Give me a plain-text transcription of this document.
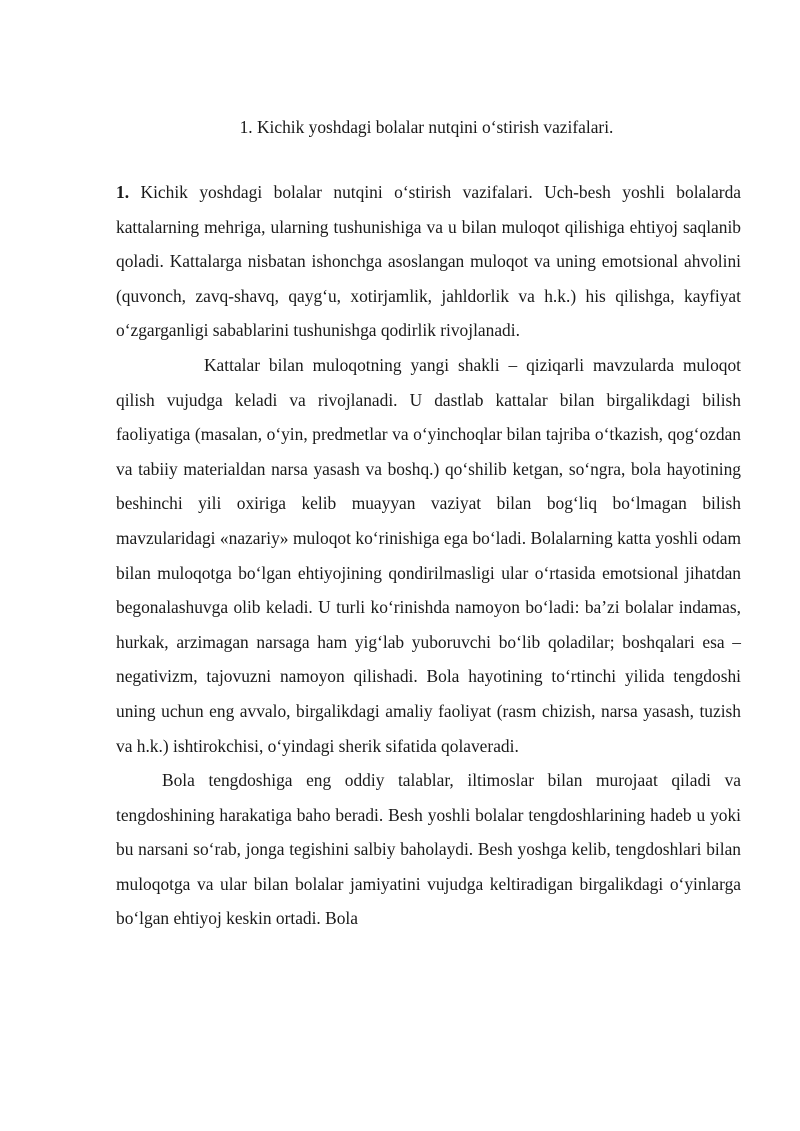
1. Kichik yoshdagi bolalar nutqini o‘stirish vazifalari.

1. Kichik yoshdagi bolalar nutqini o‘stirish vazifalari. Uch-besh yoshli bolalarda kattalarning mehriga, ularning tushunishiga va u bilan muloqot qilishiga ehtiyoj saqlanib qoladi. Kattalarga nisbatan ishonchga asoslangan muloqot va uning emotsional ahvolini (quvonch, zavq-shavq, qayg‘u, xotirjamlik, jahldorlik va h.k.) his qilishga, kayfiyat o‘zgarganligi sabablarini tushunishga qodirlik rivojlanadi.

Kattalar bilan muloqotning yangi shakli – qiziqarli mavzularda muloqot qilish vujudga keladi va rivojlanadi. U dastlab kattalar bilan birgalikdagi bilish faoliyatiga (masalan, o‘yin, predmetlar va o‘yinchoqlar bilan tajriba o‘tkazish, qog‘ozdan va tabiiy materialdan narsa yasash va boshq.) qo‘shilib ketgan, so‘ngra, bola hayotining beshinchi yili oxiriga kelib muayyan vaziyat bilan bog‘liq bo‘lmagan bilish mavzularidagi «nazariy» muloqot ko‘rinishiga ega bo‘ladi. Bolalarning katta yoshli odam bilan muloqotga bo‘lgan ehtiyojining qondirilmasligi ular o‘rtasida emotsional jihatdan begonalashuvga olib keladi. U turli ko‘rinishda namoyon bo‘ladi: ba’zi bolalar indamas, hurkak, arzimagan narsaga ham yig‘lab yuboruvchi bo‘lib qoladilar; boshqalari esa – negativizm, tajovuzni namoyon qilishadi. Bola hayotining to‘rtinchi yilida tengdoshi uning uchun eng avvalo, birgalikdagi amaliy faoliyat (rasm chizish, narsa yasash, tuzish va h.k.) ishtirokchisi, o‘yindagi sherik sifatida qolaveradi.

Bola tengdoshiga eng oddiy talablar, iltimoslar bilan murojaat qiladi va tengdoshining harakatiga baho beradi. Besh yoshli bolalar tengdoshlarining hadeb u yoki bu narsani so‘rab, jonga tegishini salbiy baholaydi. Besh yoshga kelib, tengdoshlari bilan muloqotga va ular bilan bolalar jamiyatini vujudga keltiradigan birgalikdagi o‘yinlarga bo‘lgan ehtiyoj keskin ortadi. Bola
